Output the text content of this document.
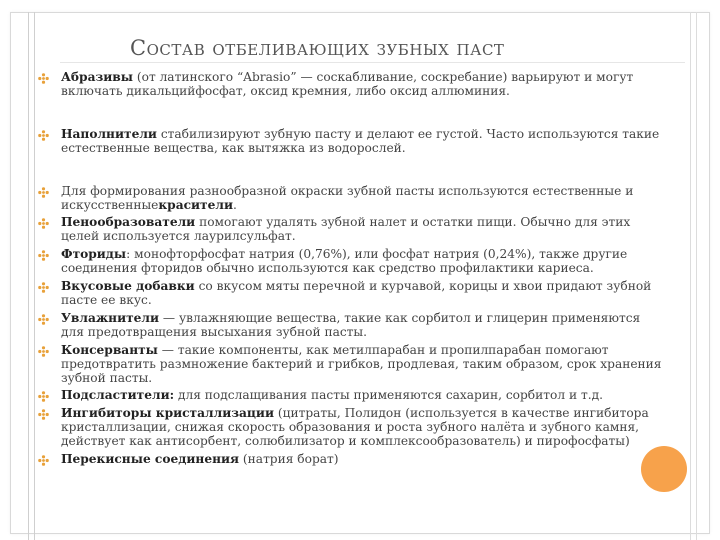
Состав отбеливающих зубных паст
Абразивы (от латинского “Abrasio” — соскабливание, соскребание) варьируют и могут включать дикальцийфосфат, оксид кремния, либо оксид аллюминия.
Наполнители стабилизируют зубную пасту и делают ее густой. Часто используются такие естественные вещества, как вытяжка из водорослей.
Для формирования разнообразной окраски зубной пасты используются естественные и искусственныекрасители.
Пенообразователи помогают удалять зубной налет и остатки пищи. Обычно для этих целей используется лаурилсульфат.
Фториды: монофторфосфат натрия (0,76%), или фосфат натрия (0,24%), также другие соединения фторидов обычно используются как средство профилактики кариеса.
Вкусовые добавки со вкусом мяты перечной и курчавой, корицы и хвои придают зубной пасте ее вкус.
Увлажнители — увлажняющие вещества, такие как сорбитол и глицерин применяются для предотвращения высыхания зубной пасты.
Консерванты — такие компоненты, как метилпарабан и пропилпарабан помогают предотвратить размножение бактерий и грибков, продлевая, таким образом, срок хранения зубной пасты.
Подсластители: для подслащивания пасты применяются сахарин, сорбитол и т.д.
Ингибиторы кристаллизации (цитраты, Полидон (используется в качестве ингибитора кристаллизации, снижая скорость образования и роста зубного налёта и зубного камня, действует как антисорбент, солюбилизатор и комплексообразователь) и пирофосфаты)
Перекисные соединения (натрия борат)
